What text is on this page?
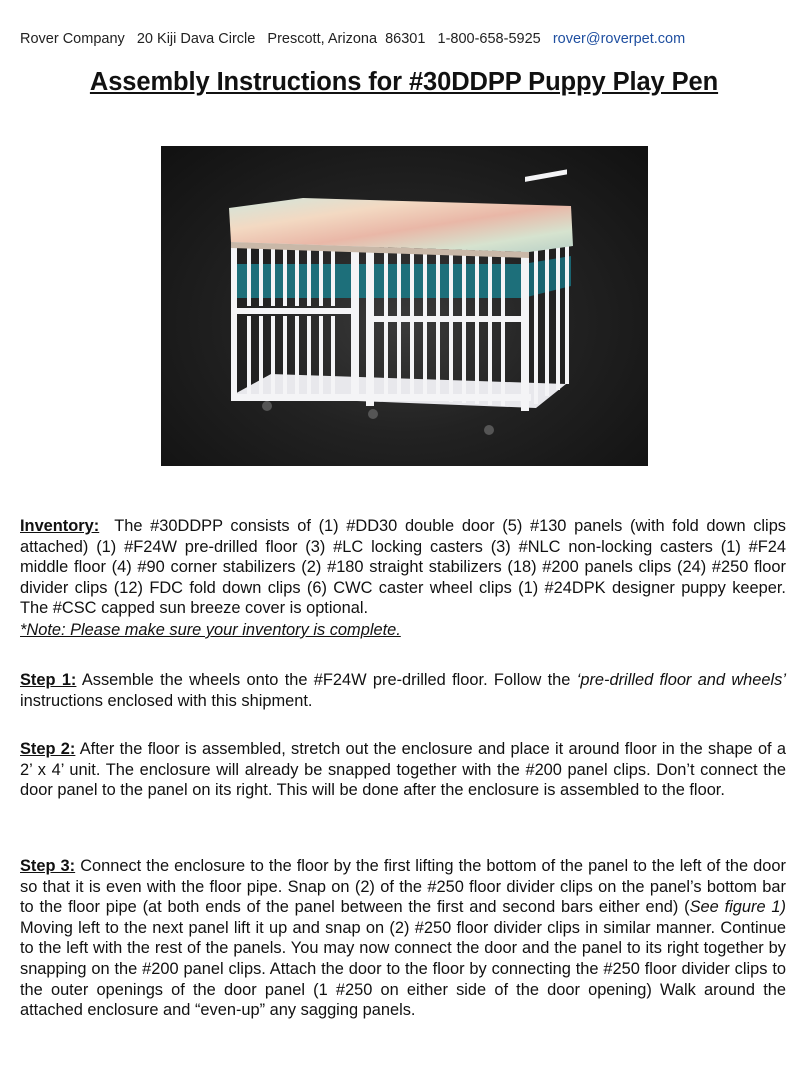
Rover Company 20 Kiji Dava Circle Prescott, Arizona  86301 1-800-658-5925 rover@roverpet.com
Assembly Instructions for #30DDPP Puppy Play Pen
Inventory: The #30DDPP consists of (1) #DD30 double door (5) #130 panels (with fold down clips attached) (1) #F24W pre-drilled floor (3) #LC locking casters (3) #NLC non-locking casters (1) #F24 middle floor (4) #90 corner stabilizers (2) #180 straight stabilizers (18) #200 panels clips (24) #250 floor divider clips (12) FDC fold down clips (6) CWC caster wheel clips (1) #24DPK designer puppy keeper. The #CSC capped sun breeze cover is optional.
*Note: Please make sure your inventory is complete.
Step 1: Assemble the wheels onto the #F24W pre-drilled floor. Follow the ‘pre-drilled floor and wheels’ instructions enclosed with this shipment.
Step 2: After the floor is assembled, stretch out the enclosure and place it around floor in the shape of a 2’ x 4’ unit. The enclosure will already be snapped together with the #200 panel clips. Don’t connect the door panel to the panel on its right. This will be done after the enclosure is assembled to the floor.
Step 3: Connect the enclosure to the floor by the first lifting the bottom of the panel to the left of the door so that it is even with the floor pipe. Snap on (2) of the #250 floor divider clips on the panel’s bottom bar to the floor pipe (at both ends of the panel between the first and second bars either end) (See figure 1) Moving left to the next panel lift it up and snap on (2) #250 floor divider clips in similar manner. Continue to the left with the rest of the panels. You may now connect the door and the panel to its right together by snapping on the #200 panel clips. Attach the door to the floor by connecting the #250 floor divider clips to the outer openings of the door panel (1 #250 on either side of the door opening) Walk around the attached enclosure and “even-up” any sagging panels.
